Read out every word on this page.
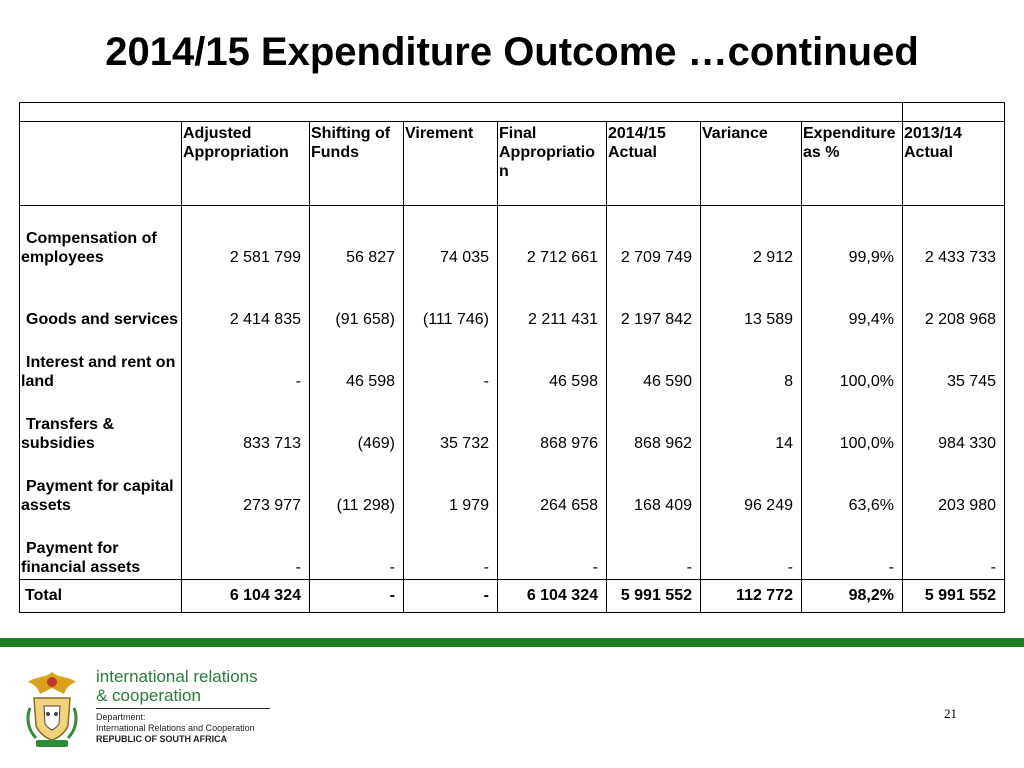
2014/15 Expenditure Outcome …continued

	Adjusted Appropriation	Shifting of Funds	Virement	Final Appropriatio n	2014/15 Actual	Variance	Expenditure as %	2013/14 Actual
Compensation of employees	2 581 799	56 827	74 035	2 712 661	2 709 749	2 912	99,9%	2 433 733
Goods and services	2 414 835	(91 658)	(111 746)	2 211 431	2 197 842	13 589	99,4%	2 208 968
Interest and rent on land	-	46 598	-	46 598	46 590	8	100,0%	35 745
Transfers & subsidies	833 713	(469)	35 732	868 976	868 962	14	100,0%	984 330
Payment for capital assets	273 977	(11 298)	1 979	264 658	168 409	96 249	63,6%	203 980
Payment for financial assets	-	-	-	-	-	-	-	-
Total	6 104 324	-	-	6 104 324	5 991 552	112 772	98,2%	5 991 552
international relations
& cooperation
Department:
International Relations and Cooperation
REPUBLIC OF SOUTH AFRICA
21
